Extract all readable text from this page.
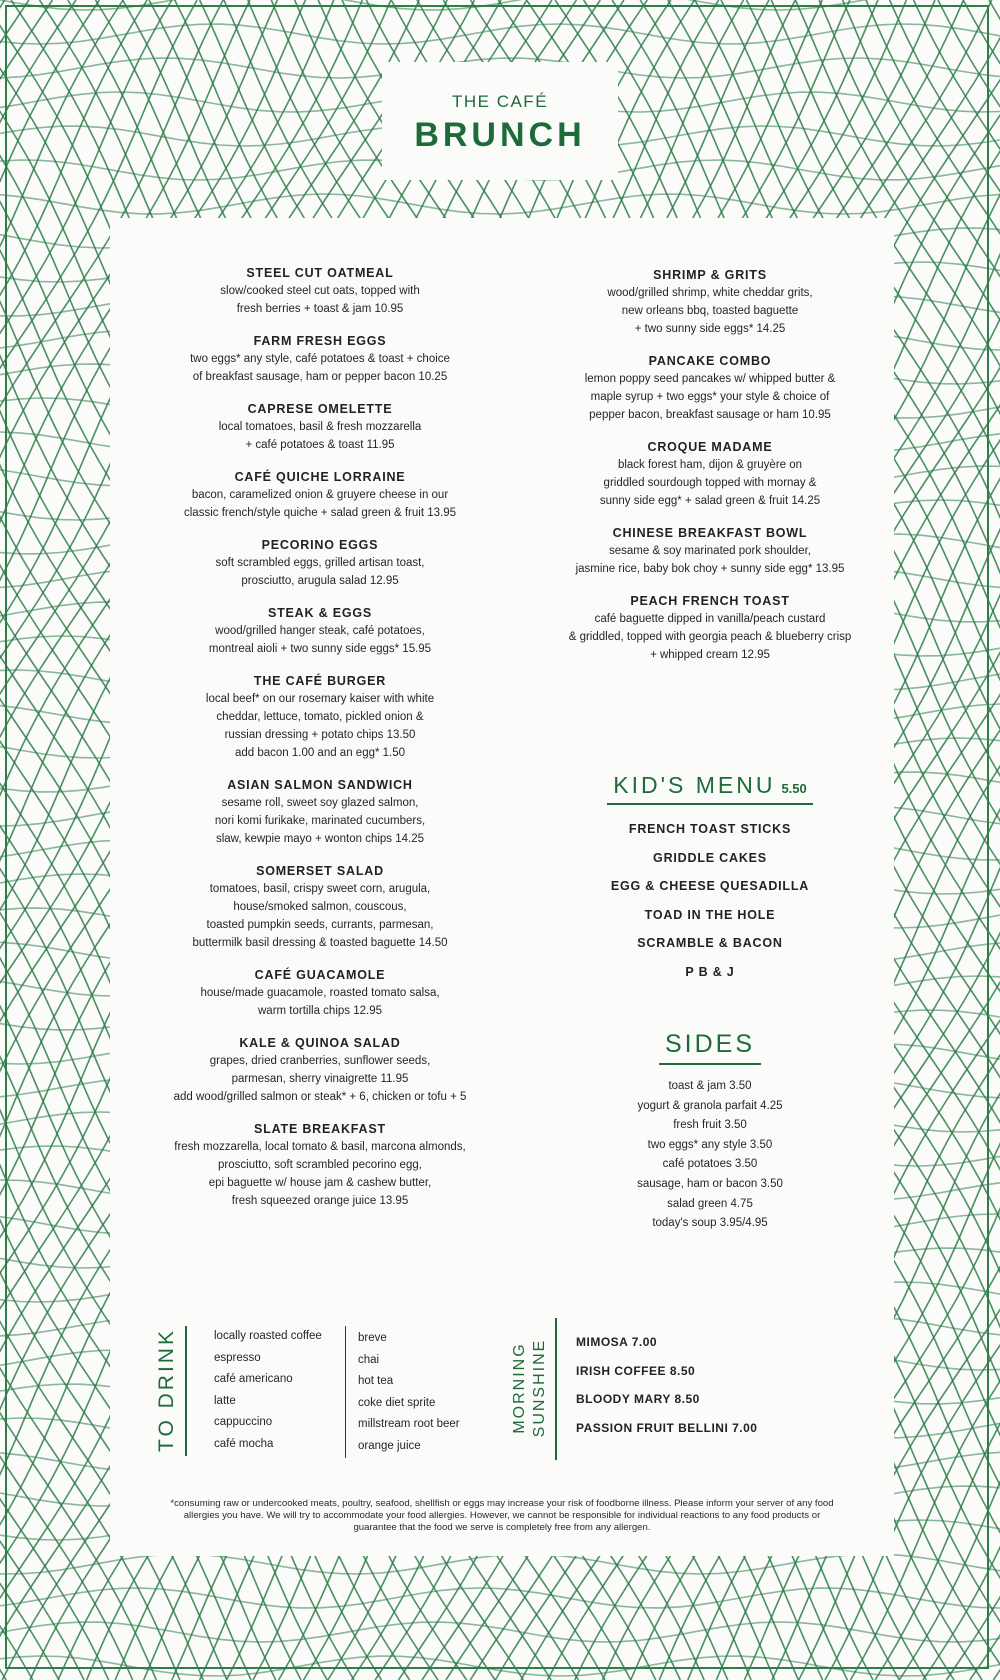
THE CAFÉ
BRUNCH
STEEL CUT OATMEAL
slow/cooked steel cut oats, topped with
fresh berries + toast & jam 10.95
FARM FRESH EGGS
two eggs* any style, café potatoes & toast + choice
of breakfast sausage, ham or pepper bacon 10.25
CAPRESE OMELETTE
local tomatoes, basil & fresh mozzarella
+ café potatoes & toast 11.95
CAFÉ QUICHE LORRAINE
bacon, caramelized onion & gruyere cheese in our
classic french/style quiche + salad green & fruit 13.95
PECORINO EGGS
soft scrambled eggs, grilled artisan toast,
prosciutto, arugula salad 12.95
STEAK & EGGS
wood/grilled hanger steak, café potatoes,
montreal aioli + two sunny side eggs* 15.95
THE CAFÉ BURGER
local beef* on our rosemary kaiser with white
cheddar, lettuce, tomato, pickled onion &
russian dressing + potato chips 13.50
add bacon 1.00 and an egg* 1.50
ASIAN SALMON SANDWICH
sesame roll, sweet soy glazed salmon,
nori komi furikake, marinated cucumbers,
slaw, kewpie mayo + wonton chips 14.25
SOMERSET SALAD
tomatoes, basil, crispy sweet corn, arugula,
house/smoked salmon, couscous,
toasted pumpkin seeds, currants, parmesan,
buttermilk basil dressing & toasted baguette 14.50
CAFÉ GUACAMOLE
house/made guacamole, roasted tomato salsa,
warm tortilla chips 12.95
KALE & QUINOA SALAD
grapes, dried cranberries, sunflower seeds,
parmesan, sherry vinaigrette 11.95
add wood/grilled salmon or steak* + 6, chicken or tofu + 5
SLATE BREAKFAST
fresh mozzarella, local tomato & basil, marcona almonds,
prosciutto, soft scrambled pecorino egg,
epi baguette w/ house jam & cashew butter,
fresh squeezed orange juice 13.95
SHRIMP & GRITS
wood/grilled shrimp, white cheddar grits,
new orleans bbq, toasted baguette
+ two sunny side eggs* 14.25
PANCAKE COMBO
lemon poppy seed pancakes w/ whipped butter &
maple syrup + two eggs* your style & choice of
pepper bacon, breakfast sausage or ham 10.95
CROQUE MADAME
black forest ham, dijon & gruyère on
griddled sourdough topped with mornay &
sunny side egg* + salad green & fruit 14.25
CHINESE BREAKFAST BOWL
sesame & soy marinated pork shoulder,
jasmine rice, baby bok choy + sunny side egg* 13.95
PEACH FRENCH TOAST
café baguette dipped in vanilla/peach custard
& griddled, topped with georgia peach & blueberry crisp
+ whipped cream 12.95
KID'S MENU 5.50
FRENCH TOAST STICKS
GRIDDLE CAKES
EGG & CHEESE QUESADILLA
TOAD IN THE HOLE
SCRAMBLE & BACON
P B & J
SIDES
toast & jam 3.50
yogurt & granola parfait 4.25
fresh fruit 3.50
two eggs* any style 3.50
café potatoes 3.50
sausage, ham or bacon 3.50
salad green 4.75
today's soup 3.95/4.95
TO DRINK	locally roasted coffee
espresso
café americano
latte
cappuccino
café mocha
breve
chai
hot tea
coke diet sprite
millstream root beer
orange juice
MORNING SUNSHINE MIMOSA 7.00
IRISH COFFEE 8.50
BLOODY MARY 8.50
PASSION FRUIT BELLINI 7.00
*consuming raw or undercooked meats, poultry, seafood, shellfish or eggs may increase your risk of foodborne illness. Please inform your server of any food allergies you have. We will try to accommodate your food allergies. However, we cannot be responsible for individual reactions to any food products or guarantee that the food we serve is completely free from any allergen.
